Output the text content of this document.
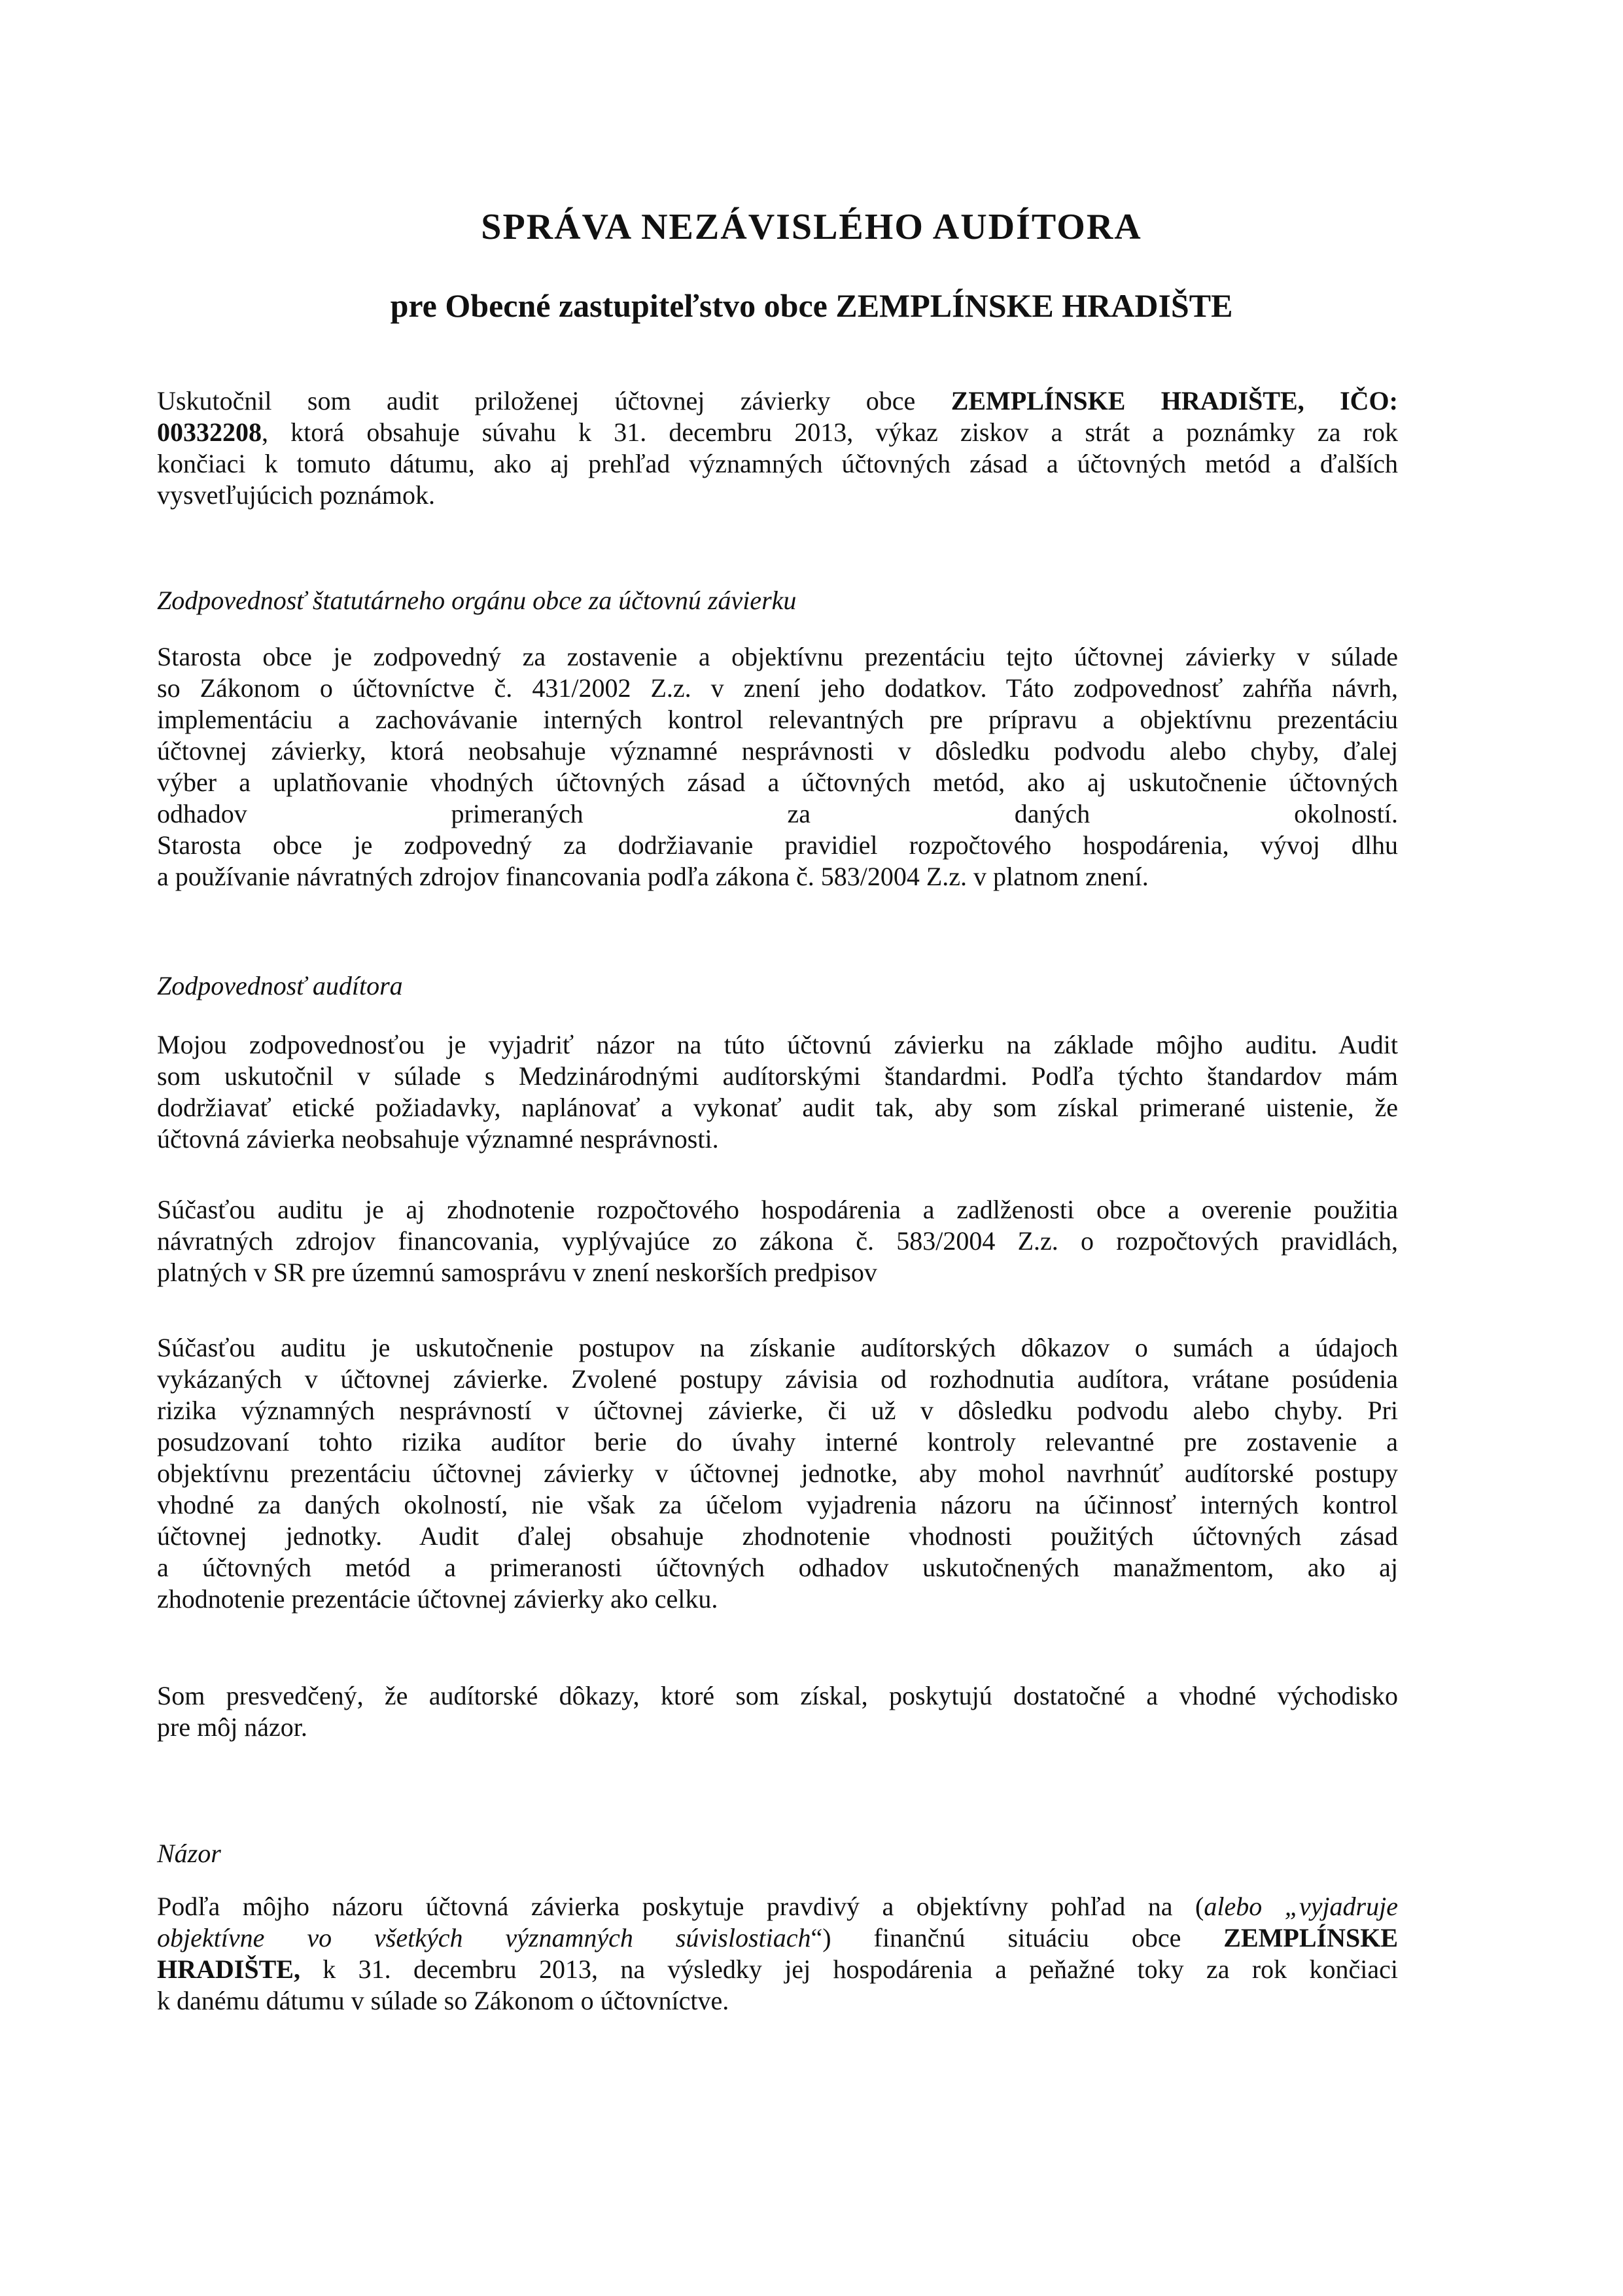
SPRÁVA NEZÁVISLÉHO AUDÍTORA
pre Obecné zastupiteľstvo obce ZEMPLÍNSKE HRADIŠTE
Uskutočnil som audit priloženej účtovnej závierky obce ZEMPLÍNSKE HRADIŠTE, IČO:
00332208, ktorá obsahuje súvahu k 31. decembru 2013, výkaz ziskov a strát a poznámky za rok
končiaci k tomuto dátumu, ako aj prehľad významných účtovných zásad a účtovných metód a ďalších
vysvetľujúcich poznámok.
Zodpovednosť štatutárneho orgánu obce za účtovnú závierku
Starosta obce je zodpovedný za zostavenie a objektívnu prezentáciu tejto účtovnej závierky v súlade
so Zákonom o účtovníctve č. 431/2002 Z.z. v znení jeho dodatkov. Táto zodpovednosť zahŕňa návrh,
implementáciu a zachovávanie interných kontrol relevantných pre prípravu a objektívnu prezentáciu
účtovnej závierky, ktorá neobsahuje významné nesprávnosti v dôsledku podvodu alebo chyby, ďalej
výber a uplatňovanie vhodných účtovných zásad a účtovných metód, ako aj uskutočnenie účtovných
odhadov primeraných za daných okolností.
Starosta obce je zodpovedný za dodržiavanie pravidiel rozpočtového hospodárenia, vývoj dlhu
a používanie návratných zdrojov financovania podľa zákona č. 583/2004 Z.z. v platnom znení.
Zodpovednosť audítora
Mojou zodpovednosťou je vyjadriť názor na túto účtovnú závierku na základe môjho auditu. Audit
som uskutočnil v súlade s Medzinárodnými audítorskými štandardmi. Podľa týchto štandardov mám
dodržiavať etické požiadavky, naplánovať a vykonať audit tak, aby som získal primerané uistenie, že
účtovná závierka neobsahuje významné nesprávnosti.
Súčasťou auditu je aj zhodnotenie rozpočtového hospodárenia a zadlženosti obce a overenie použitia
návratných zdrojov financovania, vyplývajúce zo zákona č. 583/2004 Z.z. o rozpočtových pravidlách,
platných v SR pre územnú samosprávu v znení neskorších predpisov
Súčasťou auditu je uskutočnenie postupov na získanie audítorských dôkazov o sumách a údajoch
vykázaných v účtovnej závierke. Zvolené postupy závisia od rozhodnutia audítora, vrátane posúdenia
rizika významných nesprávností v účtovnej závierke, či už v dôsledku podvodu alebo chyby. Pri
posudzovaní tohto rizika audítor berie do úvahy interné kontroly relevantné pre zostavenie a
objektívnu prezentáciu účtovnej závierky v účtovnej jednotke, aby mohol navrhnúť audítorské postupy
vhodné za daných okolností, nie však za účelom vyjadrenia názoru na účinnosť interných kontrol
účtovnej jednotky. Audit ďalej obsahuje zhodnotenie vhodnosti použitých účtovných zásad
a účtovných metód a primeranosti účtovných odhadov uskutočnených manažmentom, ako aj
zhodnotenie prezentácie účtovnej závierky ako celku.
Som presvedčený, že audítorské dôkazy, ktoré som získal, poskytujú dostatočné a vhodné východisko
pre môj názor.
Názor
Podľa môjho názoru účtovná závierka poskytuje pravdivý a objektívny pohľad na (alebo „vyjadruje
objektívne vo všetkých významných súvislostiach“) finančnú situáciu obce ZEMPLÍNSKE
HRADIŠTE, k 31. decembru 2013, na výsledky jej hospodárenia a peňažné toky za rok končiaci
k danému dátumu v súlade so Zákonom o účtovníctve.
